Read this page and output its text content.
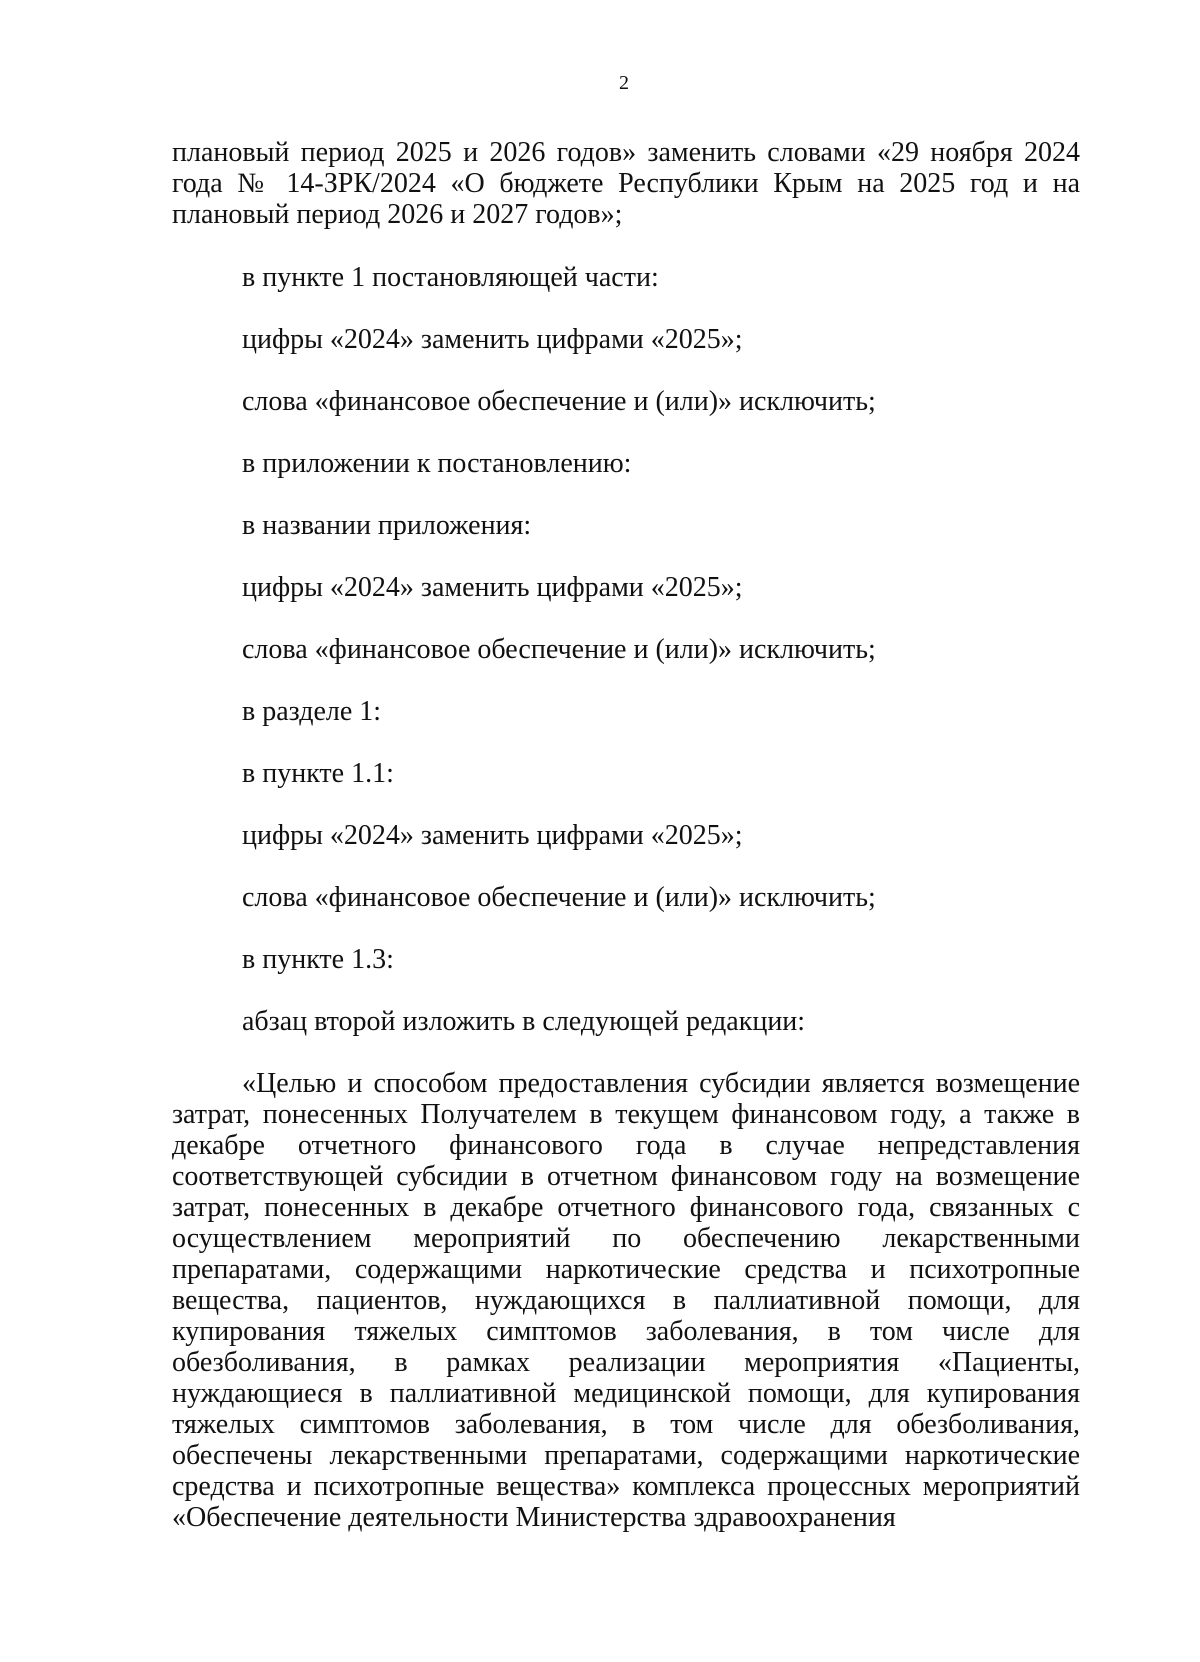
2

плановый период 2025 и 2026 годов» заменить словами «29 ноября 2024 года № 14-ЗРК/2024 «О бюджете Республики Крым на 2025 год и на плановый период 2026 и 2027 годов»;

в пункте 1 постановляющей части:

цифры «2024» заменить цифрами «2025»;

слова «финансовое обеспечение и (или)» исключить;

в приложении к постановлению:

в названии приложения:

цифры «2024» заменить цифрами «2025»;

слова «финансовое обеспечение и (или)» исключить;

в разделе 1:

в пункте 1.1:

цифры «2024» заменить цифрами «2025»;

слова «финансовое обеспечение и (или)» исключить;

в пункте 1.3:

абзац второй изложить в следующей редакции:

«Целью и способом предоставления субсидии является возмещение затрат, понесенных Получателем в текущем финансовом году, а также в декабре отчетного финансового года в случае непредставления соответствующей субсидии в отчетном финансовом году на возмещение затрат, понесенных в декабре отчетного финансового года, связанных с осуществлением мероприятий по обеспечению лекарственными препаратами, содержащими наркотические средства и психотропные вещества, пациентов, нуждающихся в паллиативной помощи, для купирования тяжелых симптомов заболевания, в том числе для обезболивания, в рамках реализации мероприятия «Пациенты, нуждающиеся в паллиативной медицинской помощи, для купирования тяжелых симптомов заболевания, в том числе для обезболивания, обеспечены лекарственными препаратами, содержащими наркотические средства и психотропные вещества» комплекса процессных мероприятий «Обеспечение деятельности Министерства здравоохранения
